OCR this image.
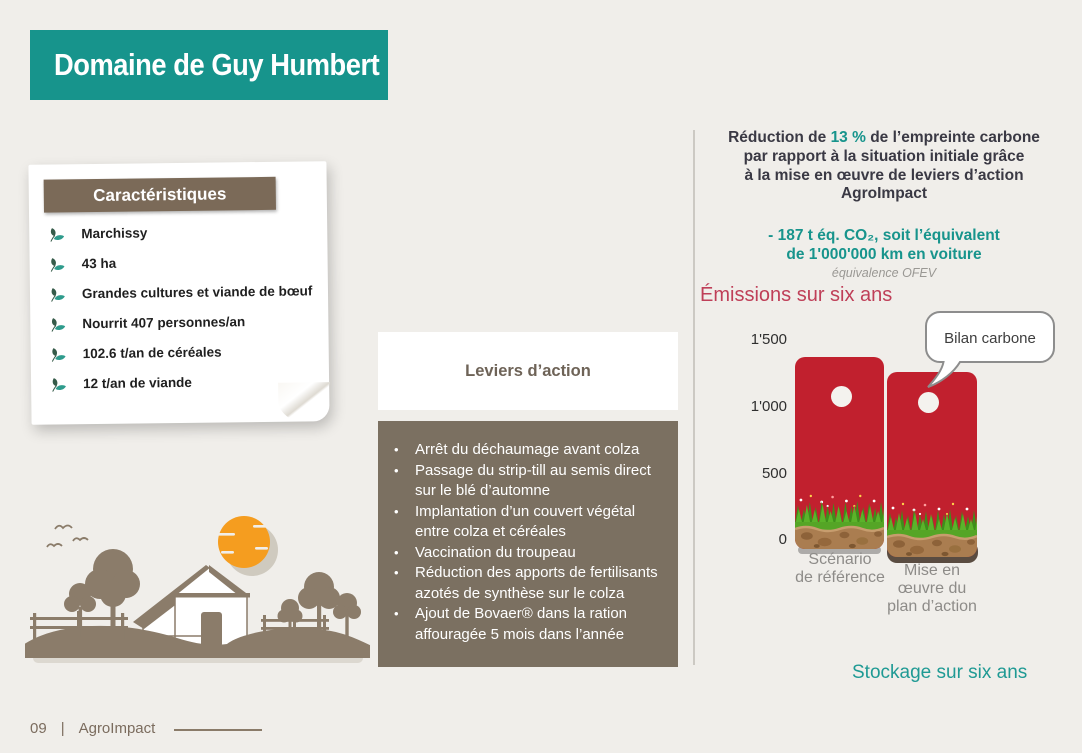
Domaine de Guy Humbert
Caractéristiques
Marchissy
43 ha
Grandes cultures et viande de bœuf
Nourrit 407 personnes/an
102.6 t/an de céréales
12 t/an de viande
Leviers d’action
• Arrêt du déchaumage avant colza
• Passage du strip-till au semis direct sur le blé d’automne
• Implantation d’un couvert végétal entre colza et céréales
• Vaccination du troupeau
• Réduction des apports de fertilisants azotés de synthèse sur le colza
• Ajout de Bovaer® dans la ration affouragée 5 mois dans l’année
Réduction de 13 % de l’empreinte carbone
par rapport à la situation initiale grâce
à la mise en œuvre de leviers d’action
AgroImpact
- 187 t éq. CO₂, soit l’équivalent
de 1'000'000 km en voiture
équivalence OFEV
Émissions sur six ans
1'500
1'000
500
0
Bilan carbone
Scénario
de référence	Mise en
œuvre du
plan d’action
Stockage sur six ans
09 | AgroImpact
